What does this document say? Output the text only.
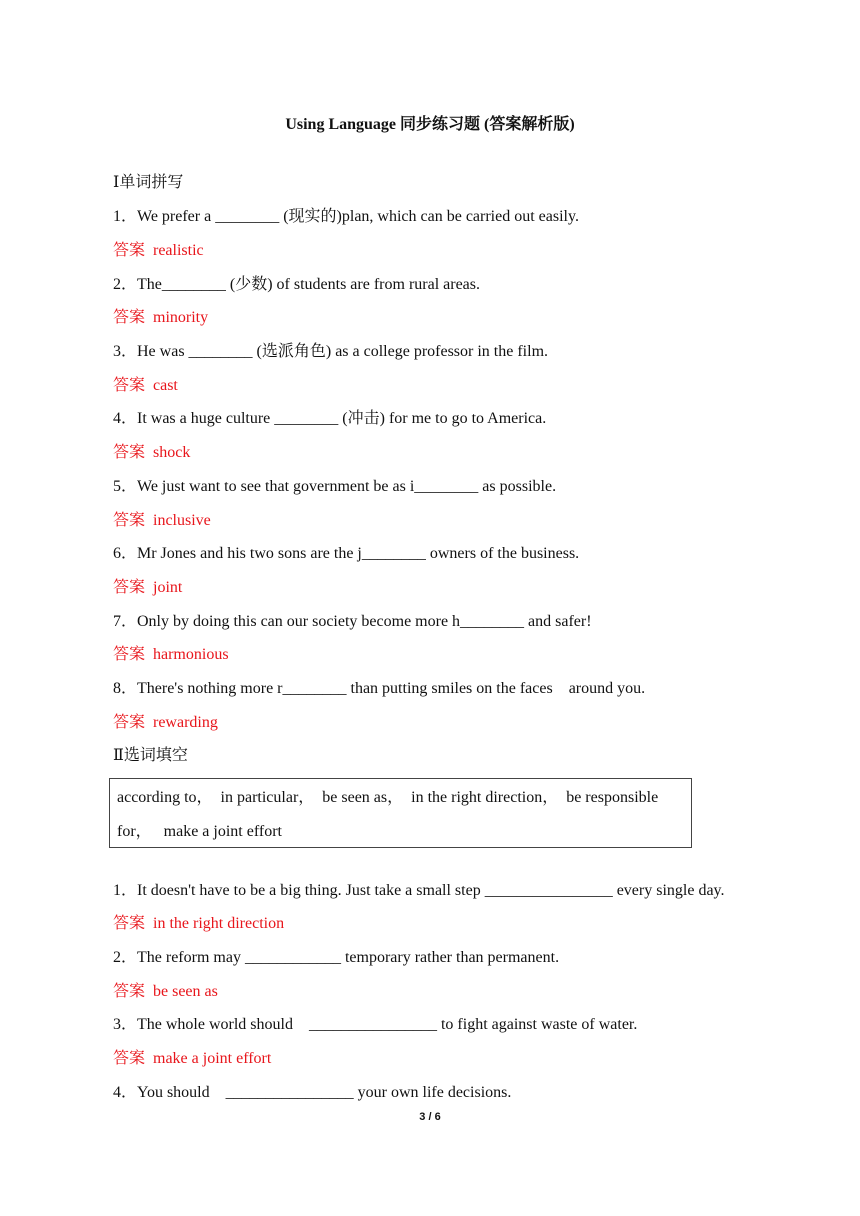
Using Language 同步练习题 (答案解析版)
Ⅰ单词拼写
1．We prefer a ________ (现实的)plan, which can be carried out easily.
答案  realistic
2．The________ (少数) of students are from rural areas.
答案  minority
3．He was ________ (选派角色) as a college professor in the film.
答案  cast
4．It was a huge culture ________ (冲击) for me to go to America.
答案  shock
5．We just want to see that government be as i________ as possible.
答案  inclusive
6．Mr Jones and his two sons are the j________ owners of the business.
答案  joint
7．Only by doing this can our society become more h________ and safer!
答案  harmonious
8．There's nothing more r________ than putting smiles on the faces    around you.
答案  rewarding
Ⅱ选词填空
according to，  in particular，  be seen as，  in the right direction，  be responsible
for，   make a joint effort
1．It doesn't have to be a big thing. Just take a small step ________________ every single day.
答案  in the right direction
2．The reform may ____________ temporary rather than permanent.
答案  be seen as
3．The whole world should    ________________ to fight against waste of water.
答案  make a joint effort
4．You should    ________________ your own life decisions.
3 / 6
